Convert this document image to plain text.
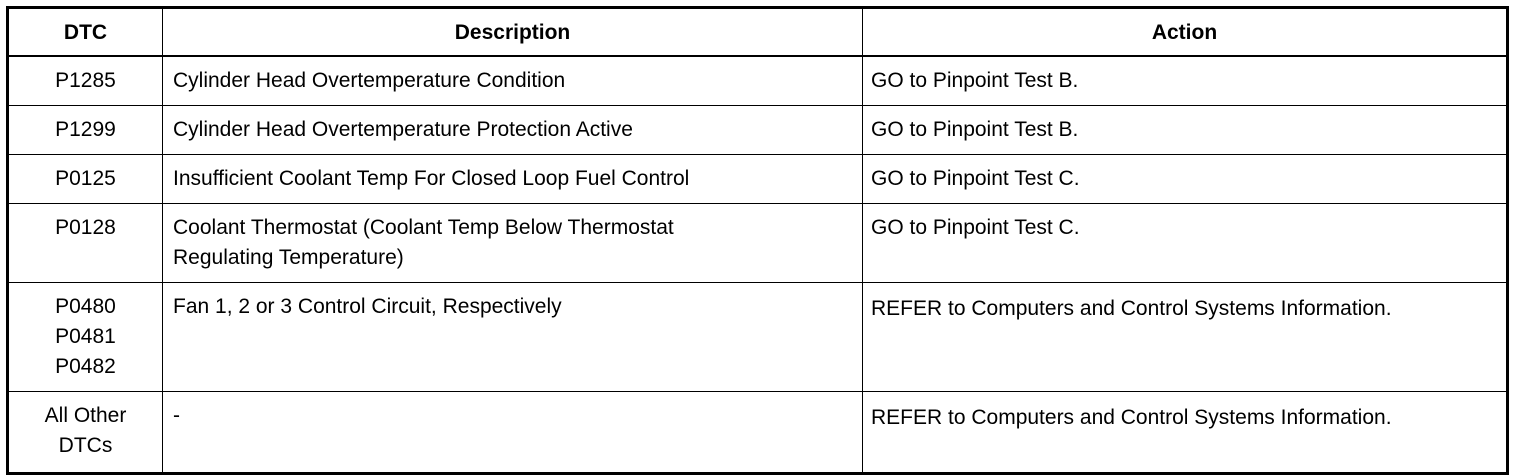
DTC	Description	Action

P1285	Cylinder Head Overtemperature Condition	GO to Pinpoint Test B.

P1299	Cylinder Head Overtemperature Protection Active	GO to Pinpoint Test B.

P0125	Insufficient Coolant Temp For Closed Loop Fuel Control	GO to Pinpoint Test C.

P0128	Coolant Thermostat (Coolant Temp Below Thermostat
Regulating Temperature)	GO to Pinpoint Test C.

P0480
P0481
P0482	Fan 1, 2 or 3 Control Circuit, Respectively	REFER to Computers and Control Systems Information.

All Other
DTCs	-	REFER to Computers and Control Systems Information.
